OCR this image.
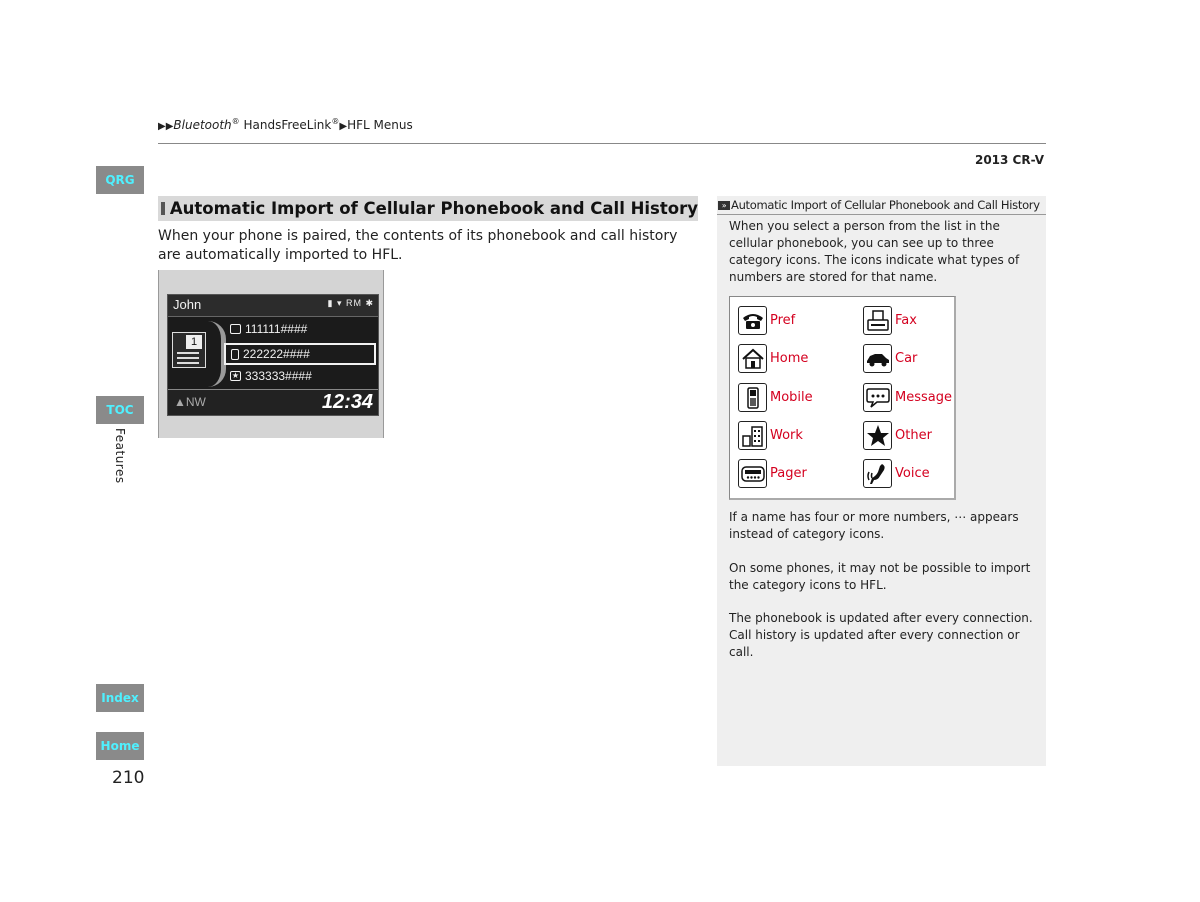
▶▶Bluetooth® HandsFreeLink®▶HFL Menus
2013 CR-V
QRG
TOC
Features
Index
Home
210
Automatic Import of Cellular Phonebook and Call History

When your phone is paired, the contents of its phonebook and call history are automatically imported to HFL.

John	▮ ▾ RM ✱
1
111111####
222222####
★ 333333####
▲NW	12:34
» Automatic Import of Cellular Phonebook and Call History

When you select a person from the list in the cellular phonebook, you can see up to three category icons. The icons indicate what types of numbers are stored for that name.

Pref	Fax
Home	Car
Mobile	Message
Work	Other
Pager	Voice

If a name has four or more numbers, ⋯ appears instead of category icons.

On some phones, it may not be possible to import the category icons to HFL.

The phonebook is updated after every connection. Call history is updated after every connection or call.
